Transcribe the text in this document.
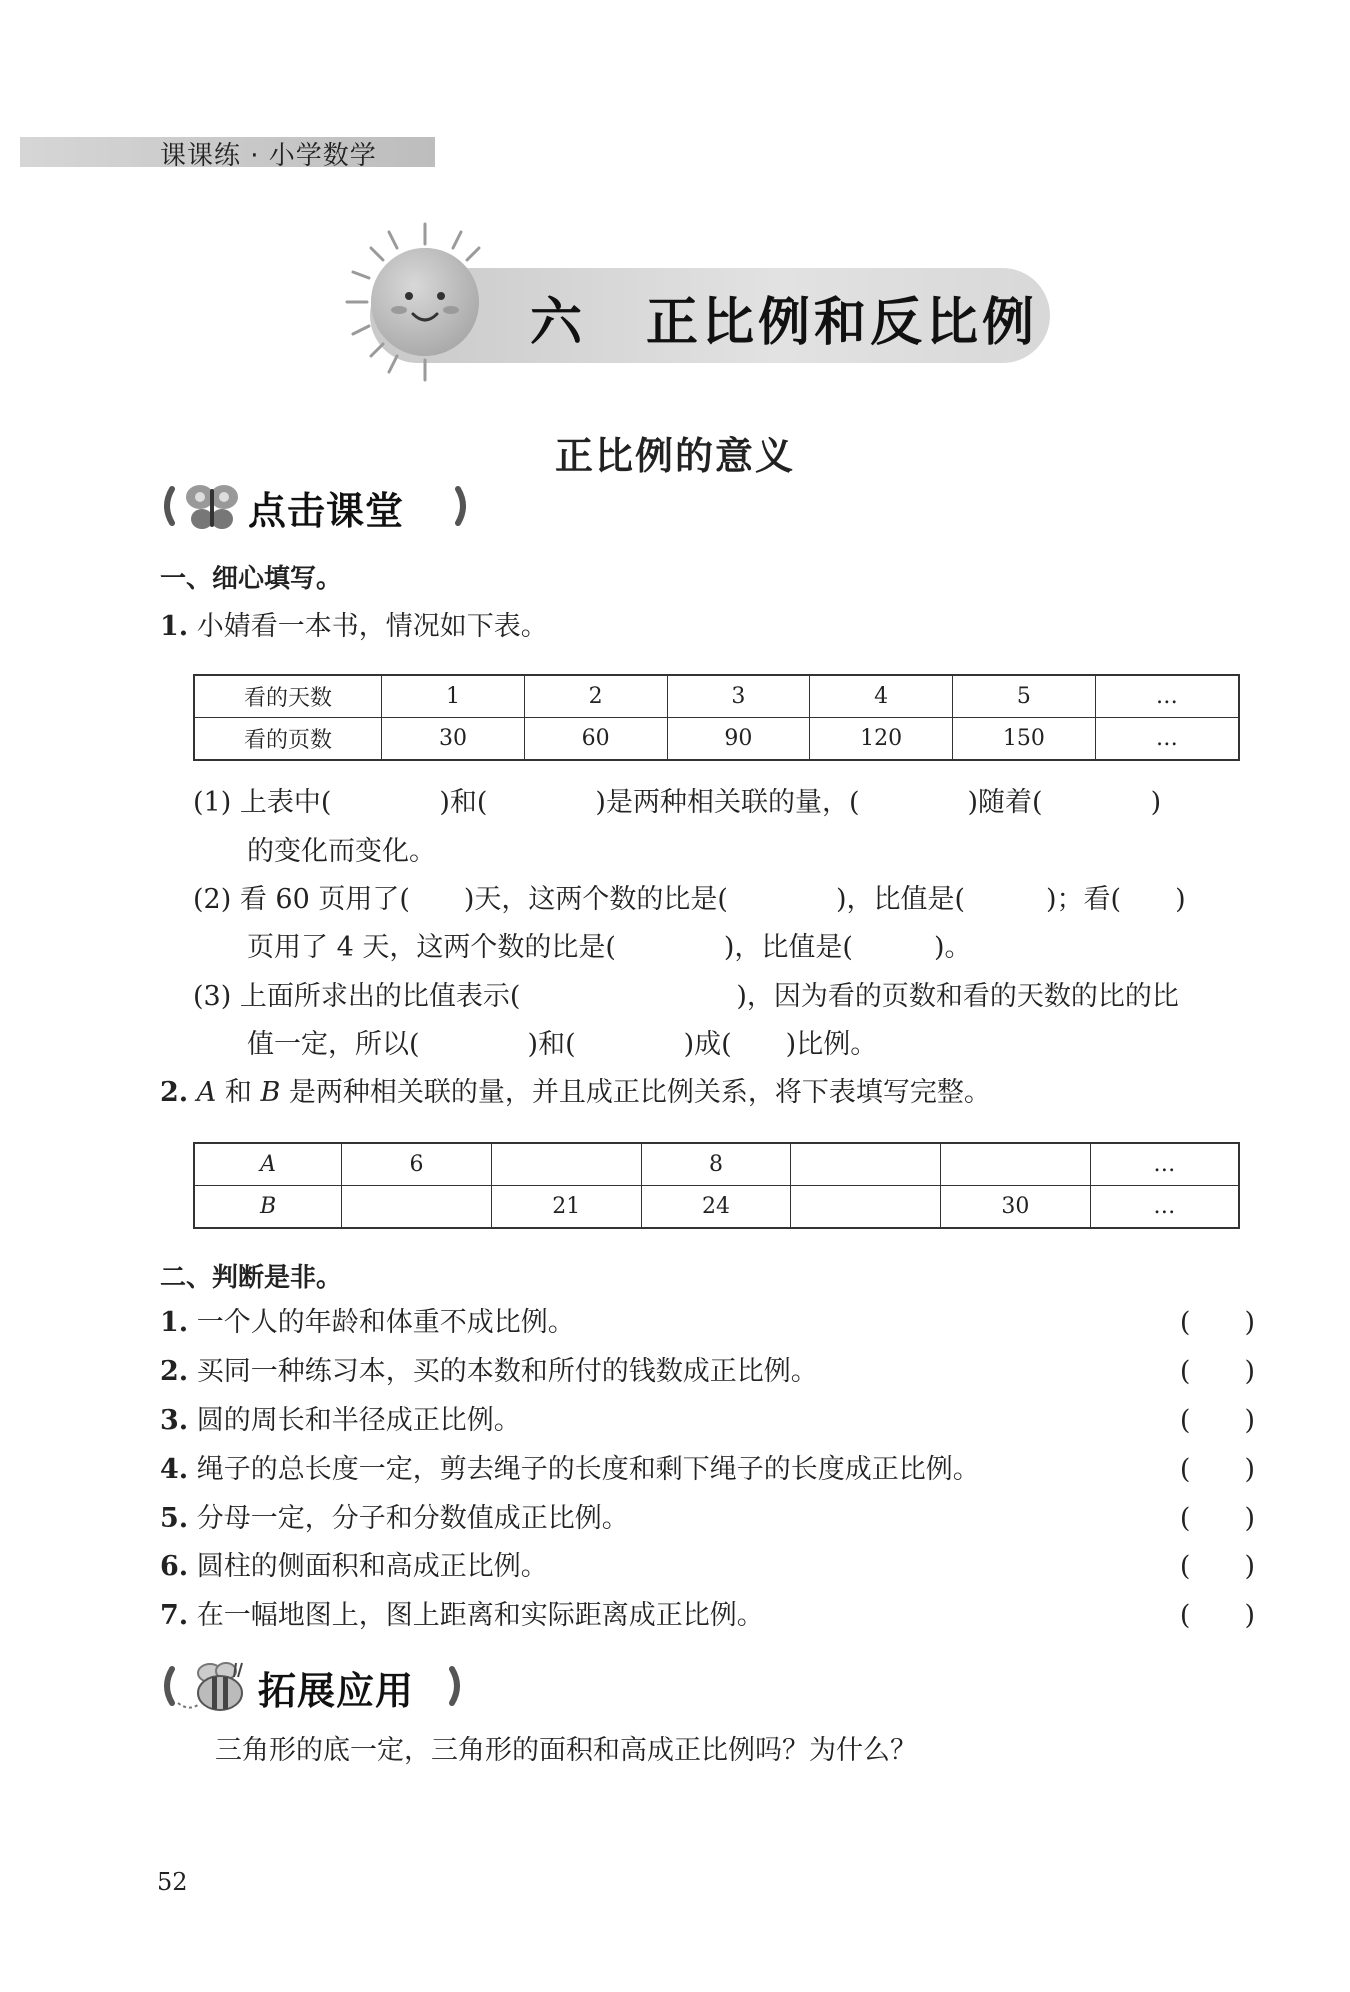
课课练 · 小学数学
六 正比例和反比例
正比例的意义
点击课堂
一、细心填写。
1. 小婧看一本书，情况如下表。
看的天数	1	2	3	4	5	…
看的页数	30	60	90	120	150	…
(1) 上表中(　　　　)和(　　　　)是两种相关联的量，(　　　　)随着(　　　　)
的变化而变化。
(2) 看 60 页用了(　　)天，这两个数的比是(　　　　)，比值是(　　　)；看(　　)
页用了 4 天，这两个数的比是(　　　　)，比值是(　　　)。
(3) 上面所求出的比值表示(　　　　　　　　)，因为看的页数和看的天数的比的比
值一定，所以(　　　　)和(　　　　)成(　　)比例。
2. A 和 B 是两种相关联的量，并且成正比例关系，将下表填写完整。
A	6		8			…
B		21	24		30	…
二、判断是非。
1. 一个人的年龄和体重不成比例。	(　　)
2. 买同一种练习本，买的本数和所付的钱数成正比例。	(　　)
3. 圆的周长和半径成正比例。	(　　)
4. 绳子的总长度一定，剪去绳子的长度和剩下绳子的长度成正比例。	(　　)
5. 分母一定，分子和分数值成正比例。	(　　)
6. 圆柱的侧面积和高成正比例。	(　　)
7. 在一幅地图上，图上距离和实际距离成正比例。	(　　)
拓展应用
三角形的底一定，三角形的面积和高成正比例吗？为什么？
52
